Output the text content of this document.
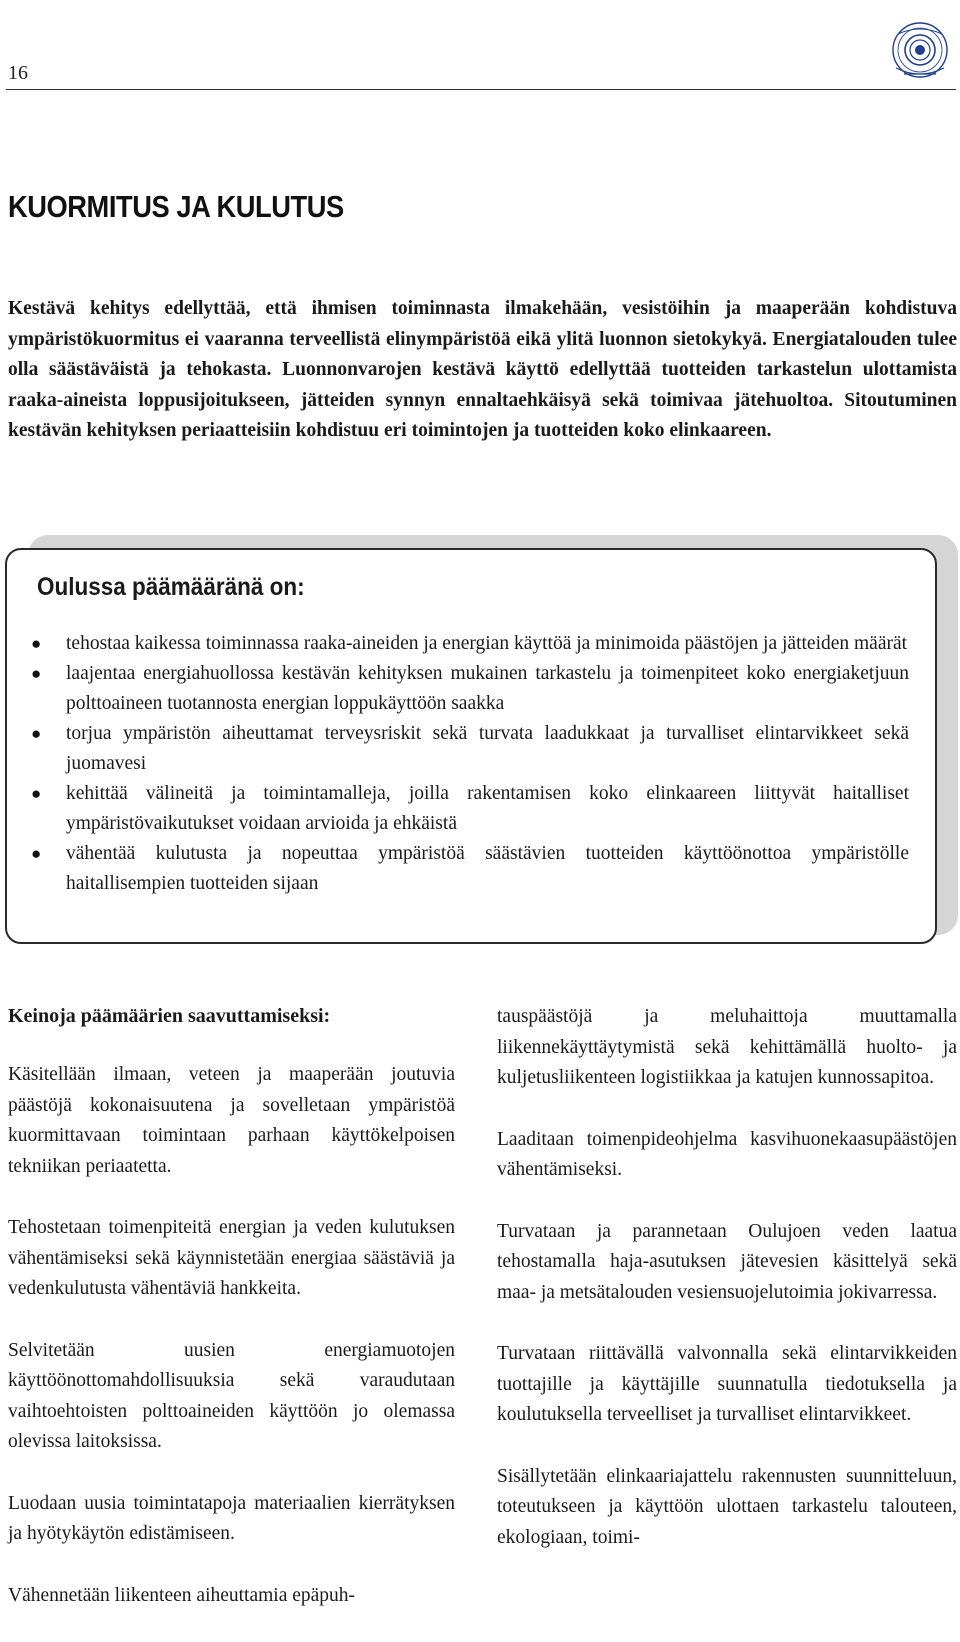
16
KUORMITUS JA KULUTUS

Kestävä kehitys edellyttää, että ihmisen toiminnasta ilmakehään, vesistöihin ja maaperään kohdistuva ympäristökuormitus ei vaaranna terveellistä elinympäristöä eikä ylitä luonnon sietokykyä. Energiatalouden tulee olla säästäväistä ja tehokasta. Luonnonvarojen kestävä käyttö edellyttää tuotteiden tarkastelun ulottamista raaka-aineista loppusijoitukseen, jätteiden synnyn ennaltaehkäisyä sekä toimivaa jätehuoltoa. Sitoutuminen kestävän kehityksen periaatteisiin kohdistuu eri toimintojen ja tuotteiden koko elinkaareen.

Oulussa päämääränä on:
● tehostaa kaikessa toiminnassa raaka-aineiden ja energian käyttöä ja minimoida päästöjen ja jätteiden määrät
● laajentaa energiahuollossa kestävän kehityksen mukainen tarkastelu ja toimenpiteet koko energiaketjuun polttoaineen tuotannosta energian loppukäyttöön saakka
● torjua ympäristön aiheuttamat terveysriskit sekä turvata laadukkaat ja turvalliset elintarvikkeet sekä juomavesi
● kehittää välineitä ja toimintamalleja, joilla rakentamisen koko elinkaareen liittyvät haitalliset ympäristövaikutukset voidaan arvioida ja ehkäistä
● vähentää kulutusta ja nopeuttaa ympäristöä säästävien tuotteiden käyttöönottoa ympäristölle haitallisempien tuotteiden sijaan
Keinoja päämäärien saavuttamiseksi:

Käsitellään ilmaan, veteen ja maaperään joutuvia päästöjä kokonaisuutena ja sovelletaan ympäristöä kuormittavaan toimintaan parhaan käyttökelpoisen tekniikan periaatetta.

Tehostetaan toimenpiteitä energian ja veden kulutuksen vähentämiseksi sekä käynnistetään energiaa säästäviä ja vedenkulutusta vähentäviä hankkeita.

Selvitetään uusien energiamuotojen käyttöönottomahdollisuuksia sekä varaudutaan vaihtoehtoisten polttoaineiden käyttöön jo olemassa olevissa laitoksissa.

Luodaan uusia toimintatapoja materiaalien kierrätyksen ja hyötykäytön edistämiseen.

Vähennetään liikenteen aiheuttamia epäpuh-

tauspäästöjä ja meluhaittoja muuttamalla liikennekäyttäytymistä sekä kehittämällä huolto- ja kuljetusliikenteen logistiikkaa ja katujen kunnossapitoa.

Laaditaan toimenpideohjelma kasvihuonekaasupäästöjen vähentämiseksi.

Turvataan ja parannetaan Oulujoen veden laatua tehostamalla haja-asutuksen jätevesien käsittelyä sekä maa- ja metsätalouden vesiensuojelutoimia jokivarressa.

Turvataan riittävällä valvonnalla sekä elintarvikkeiden tuottajille ja käyttäjille suunnatulla tiedotuksella ja koulutuksella terveelliset ja turvalliset elintarvikkeet.

Sisällytetään elinkaariajattelu rakennusten suunnitteluun, toteutukseen ja käyttöön ulottaen tarkastelu talouteen, ekologiaan, toimi-
